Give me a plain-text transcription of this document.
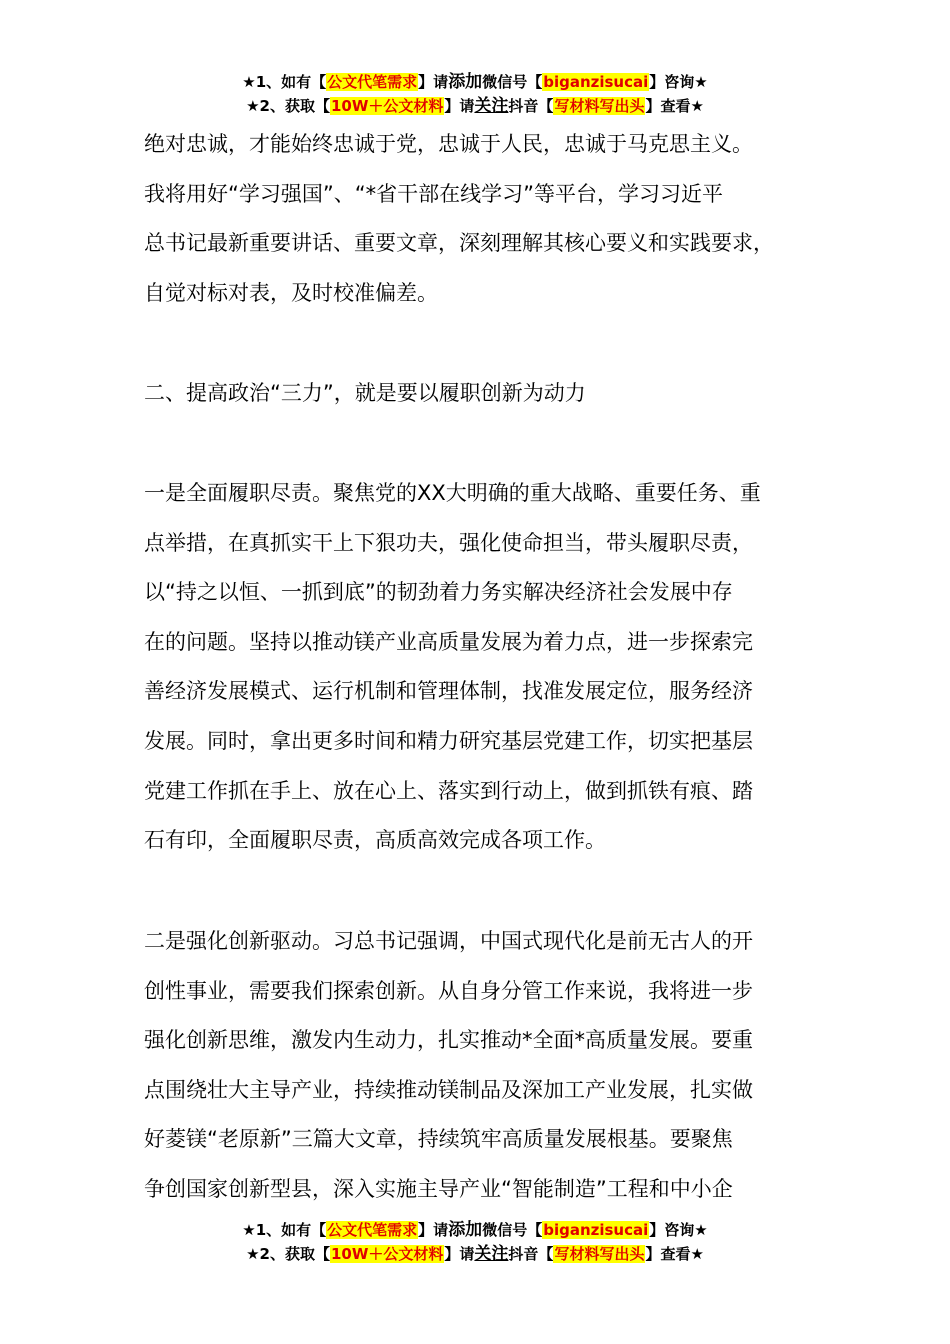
★1、如有【公文代笔需求】请添加微信号【biganzisucai】咨询★
★2、获取【10W＋公文材料】请关注抖音【写材料写出头】查看★
绝对忠诚，才能始终忠诚于党，忠诚于人民，忠诚于马克思主义。
我将用好“学习强国”、“*省干部在线学习”等平台，学习习近平
总书记最新重要讲话、重要文章，深刻理解其核心要义和实践要求，
自觉对标对表，及时校准偏差。
二、提高政治“三力”，就是要以履职创新为动力
一是全面履职尽责。聚焦党的XX大明确的重大战略、重要任务、重
点举措，在真抓实干上下狠功夫，强化使命担当，带头履职尽责，
以“持之以恒、一抓到底”的韧劲着力务实解决经济社会发展中存
在的问题。坚持以推动镁产业高质量发展为着力点，进一步探索完
善经济发展模式、运行机制和管理体制，找准发展定位，服务经济
发展。同时，拿出更多时间和精力研究基层党建工作，切实把基层
党建工作抓在手上、放在心上、落实到行动上，做到抓铁有痕、踏
石有印，全面履职尽责，高质高效完成各项工作。
二是强化创新驱动。习总书记强调，中国式现代化是前无古人的开
创性事业，需要我们探索创新。从自身分管工作来说，我将进一步
强化创新思维，激发内生动力，扎实推动*全面*高质量发展。要重
点围绕壮大主导产业，持续推动镁制品及深加工产业发展，扎实做
好菱镁“老原新”三篇大文章，持续筑牢高质量发展根基。要聚焦
争创国家创新型县，深入实施主导产业“智能制造”工程和中小企
★1、如有【公文代笔需求】请添加微信号【biganzisucai】咨询★
★2、获取【10W＋公文材料】请关注抖音【写材料写出头】查看★
